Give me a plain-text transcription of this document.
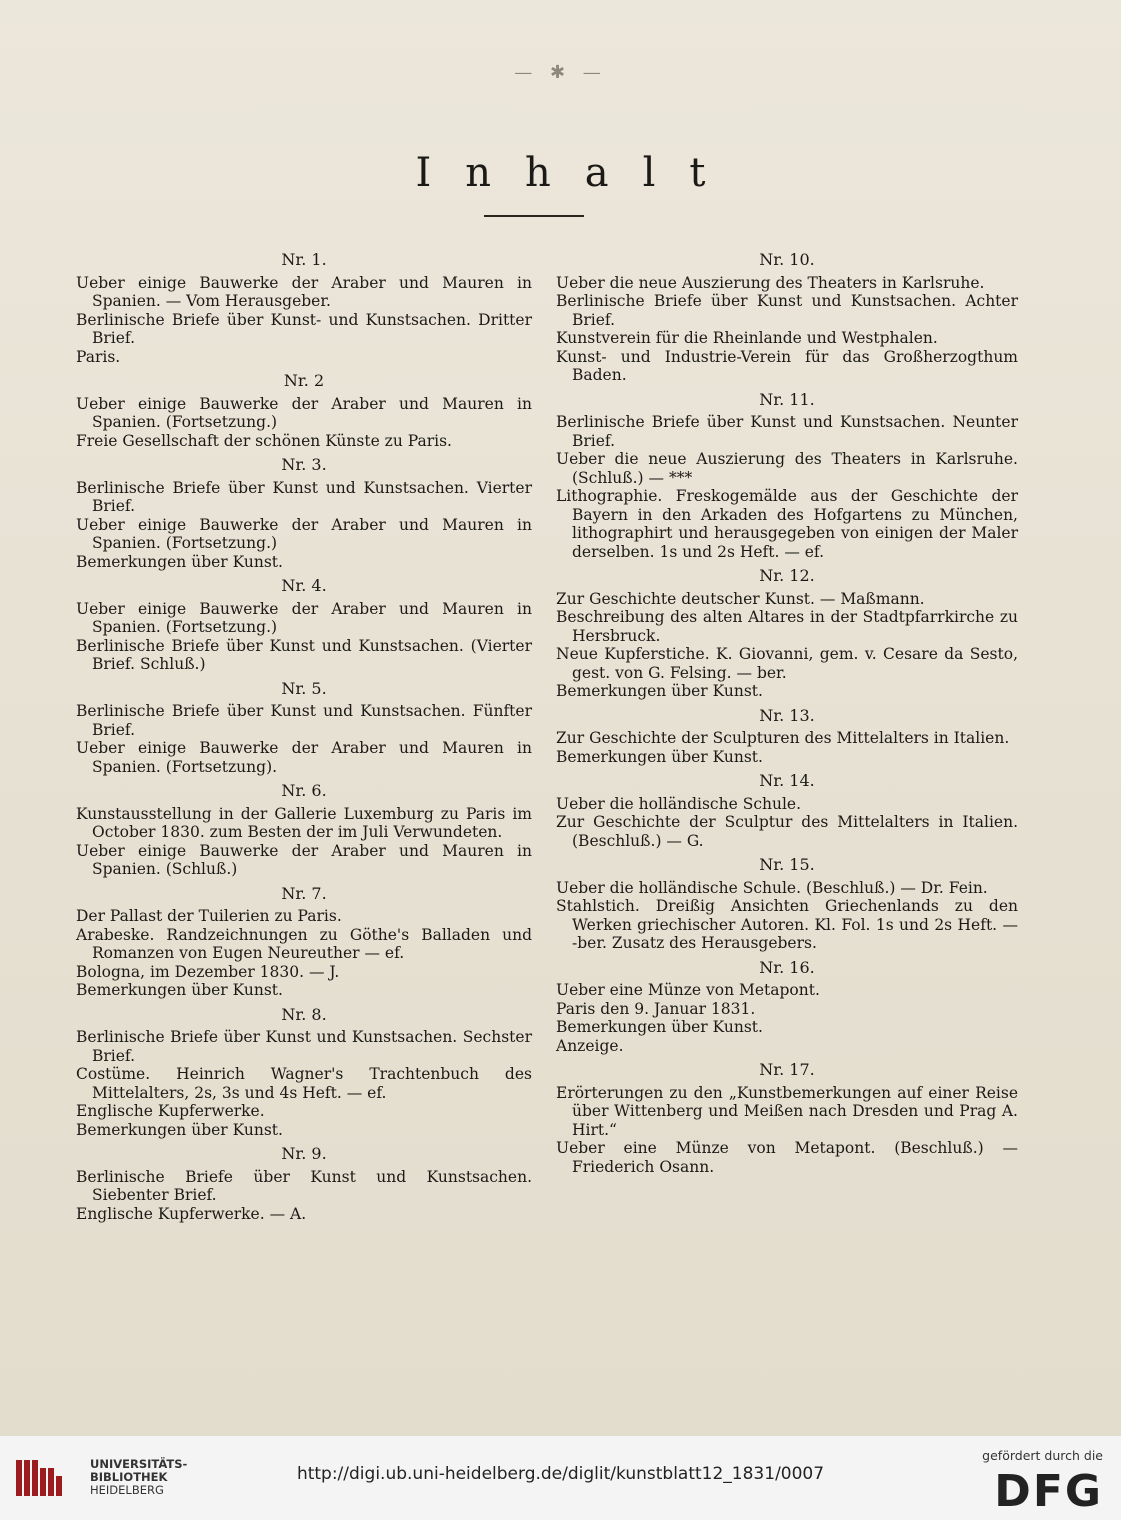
— ✱ —
Inhalt
Nr. 1.
Ueber einige Bauwerke der Araber und Mauren in Spanien. — Vom Herausgeber.
Berlinische Briefe über Kunst- und Kunstsachen. Dritter Brief.
Paris.
Nr. 2
Ueber einige Bauwerke der Araber und Mauren in Spanien. (Fortsetzung.)
Freie Gesellschaft der schönen Künste zu Paris.
Nr. 3.
Berlinische Briefe über Kunst und Kunstsachen. Vierter Brief.
Ueber einige Bauwerke der Araber und Mauren in Spanien. (Fortsetzung.)
Bemerkungen über Kunst.
Nr. 4.
Ueber einige Bauwerke der Araber und Mauren in Spanien. (Fortsetzung.)
Berlinische Briefe über Kunst und Kunstsachen. (Vierter Brief. Schluß.)
Nr. 5.
Berlinische Briefe über Kunst und Kunstsachen. Fünfter Brief.
Ueber einige Bauwerke der Araber und Mauren in Spanien. (Fortsetzung).
Nr. 6.
Kunstausstellung in der Gallerie Luxemburg zu Paris im October 1830. zum Besten der im Juli Verwundeten.
Ueber einige Bauwerke der Araber und Mauren in Spanien. (Schluß.)
Nr. 7.
Der Pallast der Tuilerien zu Paris.
Arabeske. Randzeichnungen zu Göthe's Balladen und Romanzen von Eugen Neureuther — ef.
Bologna, im Dezember 1830. — J.
Bemerkungen über Kunst.
Nr. 8.
Berlinische Briefe über Kunst und Kunstsachen. Sechster Brief.
Costüme. Heinrich Wagner's Trachtenbuch des Mittelalters, 2s, 3s und 4s Heft. — ef.
Englische Kupferwerke.
Bemerkungen über Kunst.
Nr. 9.
Berlinische Briefe über Kunst und Kunstsachen. Siebenter Brief.
Englische Kupferwerke. — A.
Nr. 10.
Ueber die neue Auszierung des Theaters in Karlsruhe.
Berlinische Briefe über Kunst und Kunstsachen. Achter Brief.
Kunstverein für die Rheinlande und Westphalen.
Kunst- und Industrie-Verein für das Großherzogthum Baden.
Nr. 11.
Berlinische Briefe über Kunst und Kunstsachen. Neunter Brief.
Ueber die neue Auszierung des Theaters in Karlsruhe. (Schluß.) — ***
Lithographie. Freskogemälde aus der Geschichte der Bayern in den Arkaden des Hofgartens zu München, lithographirt und herausgegeben von einigen der Maler derselben. 1s und 2s Heft. — ef.
Nr. 12.
Zur Geschichte deutscher Kunst. — Maßmann.
Beschreibung des alten Altares in der Stadtpfarrkirche zu Hersbruck.
Neue Kupferstiche. K. Giovanni, gem. v. Cesare da Sesto, gest. von G. Felsing. — ber.
Bemerkungen über Kunst.
Nr. 13.
Zur Geschichte der Sculpturen des Mittelalters in Italien.
Bemerkungen über Kunst.
Nr. 14.
Ueber die holländische Schule.
Zur Geschichte der Sculptur des Mittelalters in Italien. (Beschluß.) — G.
Nr. 15.
Ueber die holländische Schule. (Beschluß.) — Dr. Fein.
Stahlstich. Dreißig Ansichten Griechenlands zu den Werken griechischer Autoren. Kl. Fol. 1s und 2s Heft. — -ber. Zusatz des Herausgebers.
Nr. 16.
Ueber eine Münze von Metapont.
Paris den 9. Januar 1831.
Bemerkungen über Kunst.
Anzeige.
Nr. 17.
Erörterungen zu den „Kunstbemerkungen auf einer Reise über Wittenberg und Meißen nach Dresden und Prag A. Hirt.“
Ueber eine Münze von Metapont. (Beschluß.) — Friederich Osann.
UNIVERSITÄTS-
BIBLIOTHEK
HEIDELBERG
http://digi.ub.uni-heidelberg.de/diglit/kunstblatt12_1831/0007
gefördert durch die
DFG
